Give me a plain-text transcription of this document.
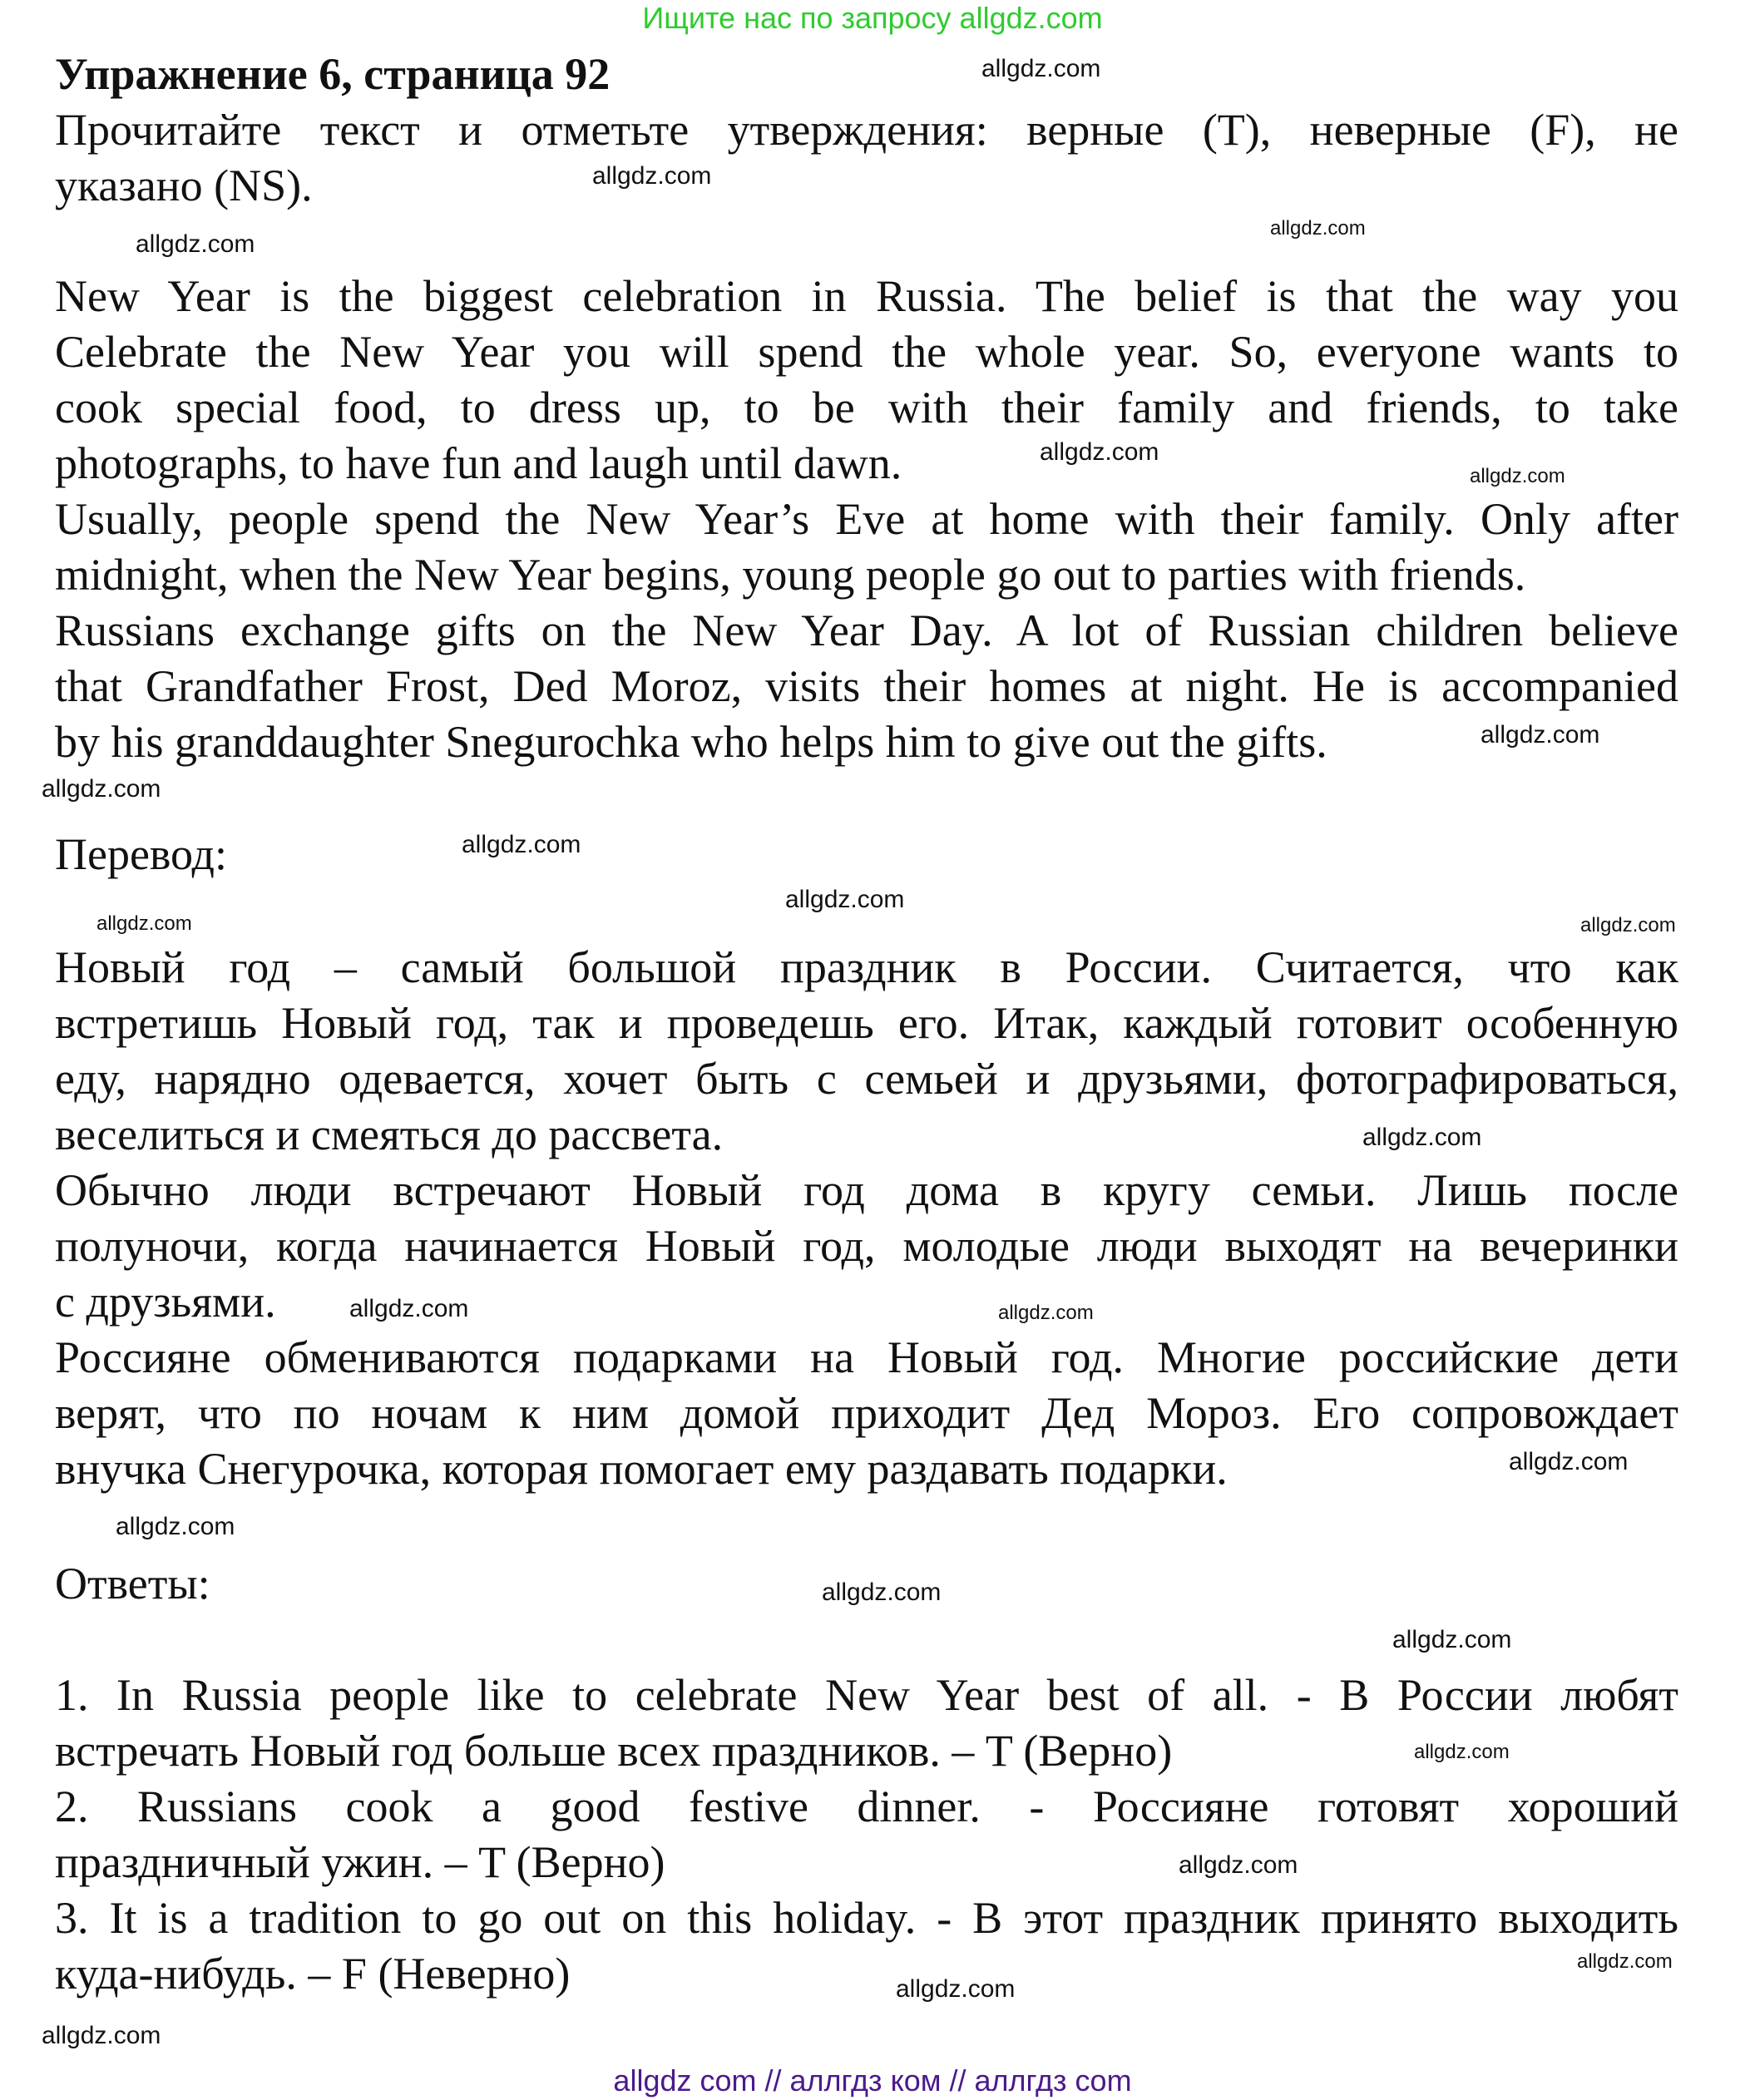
Ищите нас по запросу allgdz.com
Упражнение 6, страница 92
Прочитайте текст и отметьте утверждения: верные (T), неверные (F), не
указано (NS).
New Year is the biggest celebration in Russia. The belief is that the way you
Celebrate the New Year you will spend the whole year. So, everyone wants to
cook special food, to dress up, to be with their family and friends, to take
photographs, to have fun and laugh until dawn.
Usually, people spend the New Year’s Eve at home with their family. Only after
midnight, when the New Year begins, young people go out to parties with friends.
Russians exchange gifts on the New Year Day. A lot of Russian children believe
that Grandfather Frost, Ded Moroz, visits their homes at night. He is accompanied
by his granddaughter Snegurochka who helps him to give out the gifts.
Перевод:
Новый год – самый большой праздник в России. Считается, что как
встретишь Новый год, так и проведешь его. Итак, каждый готовит особенную
еду, нарядно одевается, хочет быть с семьей и друзьями, фотографироваться,
веселиться и смеяться до рассвета.
Обычно люди встречают Новый год дома в кругу семьи. Лишь после
полуночи, когда начинается Новый год, молодые люди выходят на вечеринки
с друзьями.
Россияне обмениваются подарками на Новый год. Многие российские дети
верят, что по ночам к ним домой приходит Дед Мороз. Его сопровождает
внучка Снегурочка, которая помогает ему раздавать подарки.
Ответы:
1. In Russia people like to celebrate New Year best of all. - В России любят
встречать Новый год больше всех праздников. – T (Верно)
2. Russians cook a good festive dinner. - Россияне готовят хороший
праздничный ужин. – T (Верно)
3. It is a tradition to go out on this holiday. - В этот праздник принято выходить
куда-нибудь. – F (Неверно)
allgdz.com
allgdz.com
allgdz.com
allgdz.com
allgdz.com
allgdz.com
allgdz.com
allgdz.com
allgdz.com
allgdz.com
allgdz.com
allgdz.com
allgdz.com
allgdz.com
allgdz.com
allgdz.com
allgdz.com
allgdz.com
allgdz.com
allgdz.com
allgdz.com
allgdz.com
allgdz.com
allgdz.com
allgdz com // аллгдз ком // аллгдз com
